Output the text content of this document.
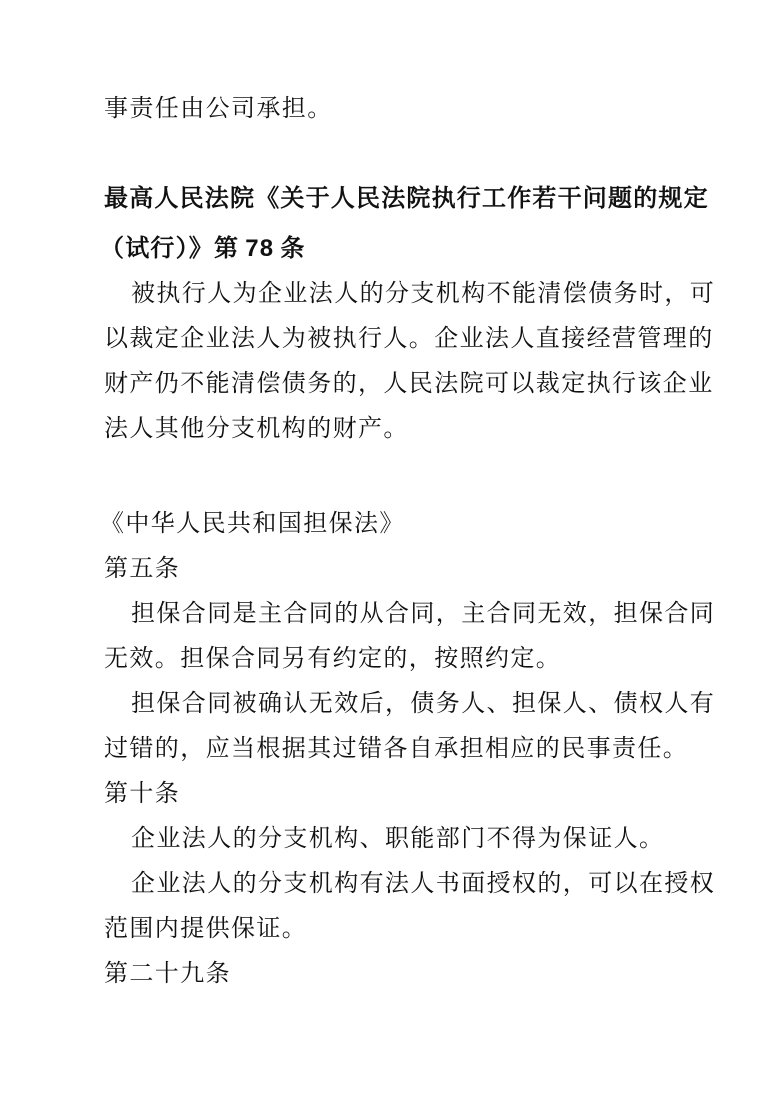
事责任由公司承担。
最高人民法院《关于人民法院执行工作若干问题的规定
（试行）》第 78 条
被执行人为企业法人的分支机构不能清偿债务时，可
以裁定企业法人为被执行人。企业法人直接经营管理的
财产仍不能清偿债务的，人民法院可以裁定执行该企业
法人其他分支机构的财产。
《中华人民共和国担保法》
第五条
担保合同是主合同的从合同，主合同无效，担保合同
无效。担保合同另有约定的，按照约定。
担保合同被确认无效后，债务人、担保人、债权人有
过错的，应当根据其过错各自承担相应的民事责任。
第十条
企业法人的分支机构、职能部门不得为保证人。
企业法人的分支机构有法人书面授权的，可以在授权
范围内提供保证。
第二十九条
